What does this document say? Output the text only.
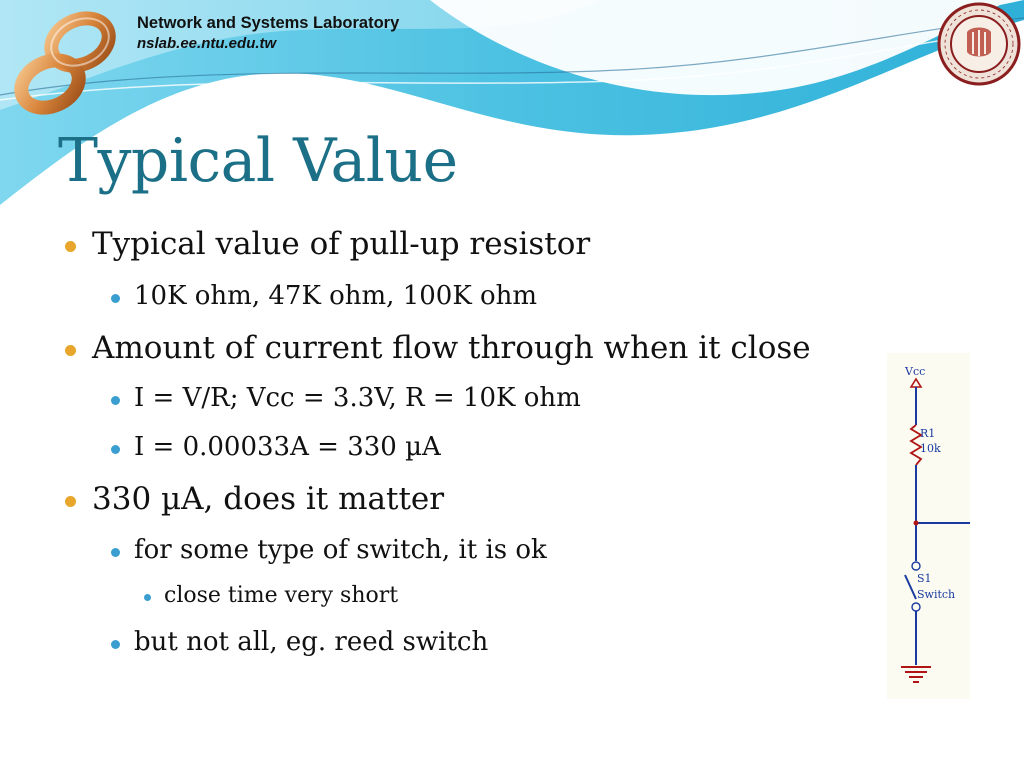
Network and Systems Laboratory
nslab.ee.ntu.edu.tw
Typical Value
Typical value of pull-up resistor
10K ohm, 47K ohm, 100K ohm
Amount of current flow through when it close
I = V/R; Vcc = 3.3V, R = 10K ohm
I = 0.00033A = 330 µA
330 µA, does it matter
for some type of switch, it is ok
close time very short
but not all, eg. reed switch
Vcc
R1
10k
S1
Switch
